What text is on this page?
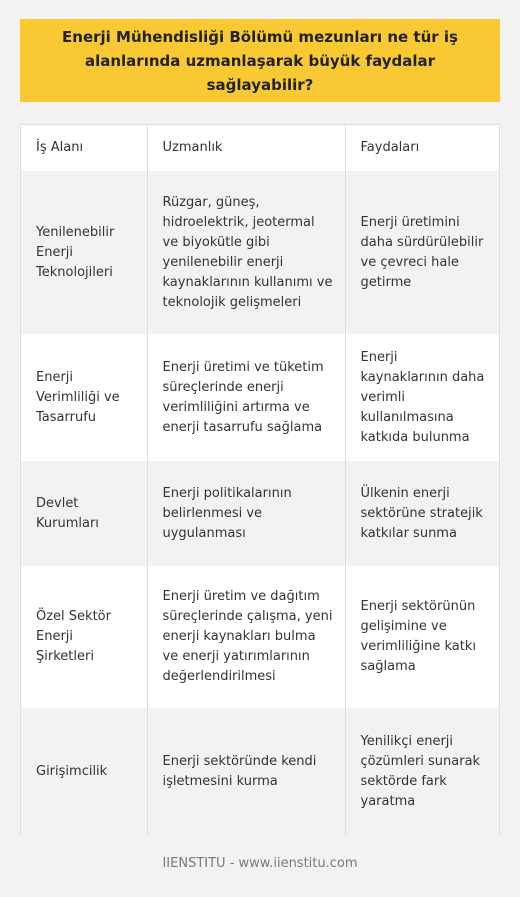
Enerji Mühendisliği Bölümü mezunları ne tür iş alanlarında uzmanlaşarak büyük faydalar sağlayabilir?
İş Alanı	Uzmanlık	Faydaları
Yenilenebilir Enerji Teknolojileri	Rüzgar, güneş, hidroelektrik, jeotermal ve biyokütle gibi yenilenebilir enerji kaynaklarının kullanımı ve teknolojik gelişmeleri	Enerji üretimini daha sürdürülebilir ve çevreci hale getirme
Enerji Verimliliği ve Tasarrufu	Enerji üretimi ve tüketim süreçlerinde enerji verimliliğini artırma ve enerji tasarrufu sağlama	Enerji kaynaklarının daha verimli kullanılmasına katkıda bulunma
Devlet Kurumları	Enerji politikalarının belirlenmesi ve uygulanması	Ülkenin enerji sektörüne stratejik katkılar sunma
Özel Sektör Enerji Şirketleri	Enerji üretim ve dağıtım süreçlerinde çalışma, yeni enerji kaynakları bulma ve enerji yatırımlarının değerlendirilmesi	Enerji sektörünün gelişimine ve verimliliğine katkı sağlama
Girişimcilik	Enerji sektöründe kendi işletmesini kurma	Yenilikçi enerji çözümleri sunarak sektörde fark yaratma
IIENSTITU - www.iienstitu.com
